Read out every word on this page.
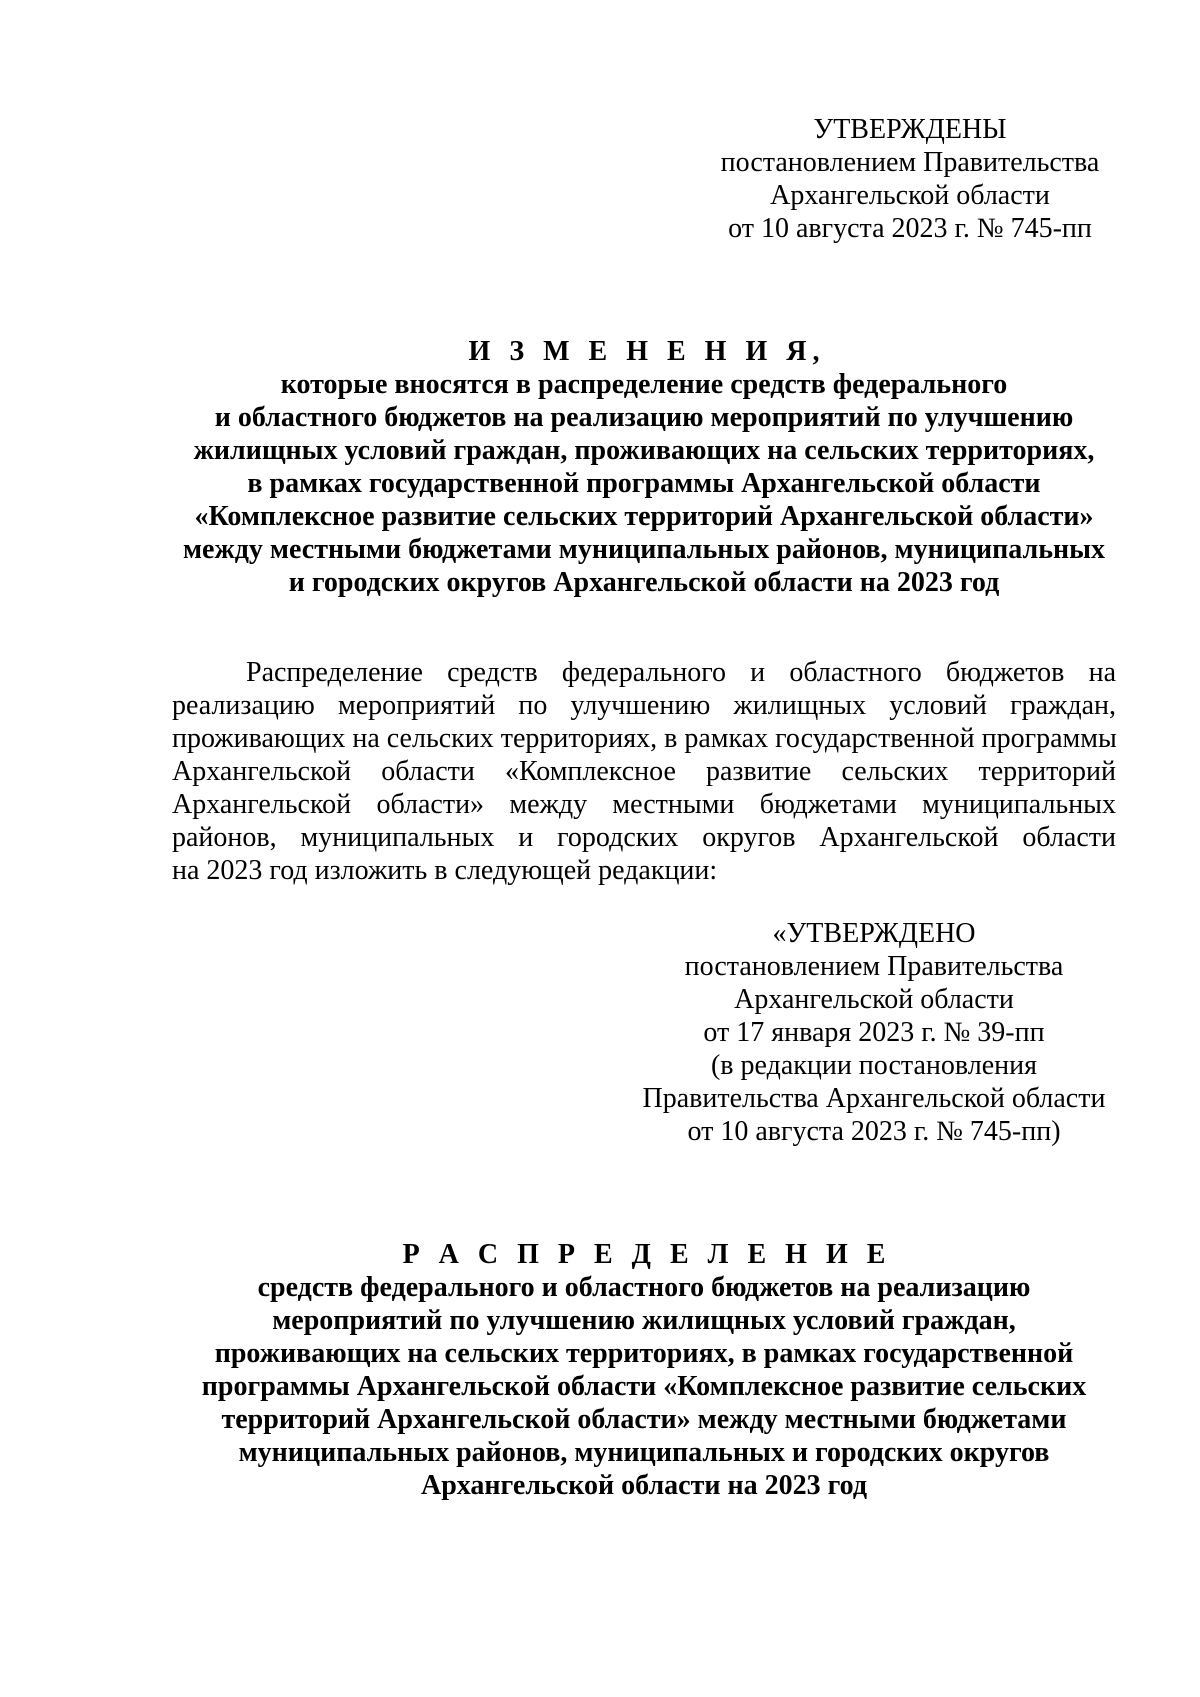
УТВЕРЖДЕНЫ
постановлением Правительства
Архангельской области
от 10 августа 2023 г. № 745-пп
И З М Е Н Е Н И Я,
которые вносятся в распределение средств федерального
и областного бюджетов на реализацию мероприятий по улучшению
жилищных условий граждан, проживающих на сельских территориях,
в рамках государственной программы Архангельской области
«Комплексное развитие сельских территорий Архангельской области»
между местными бюджетами муниципальных районов, муниципальных
и городских округов Архангельской области на 2023 год
Распределение средств федерального и областного бюджетов на
реализацию мероприятий по улучшению жилищных условий граждан,
проживающих на сельских территориях, в рамках государственной программы
Архангельской области «Комплексное развитие сельских территорий
Архангельской области» между местными бюджетами муниципальных
районов, муниципальных и городских округов Архангельской области
на 2023 год изложить в следующей редакции:
«УТВЕРЖДЕНО
постановлением Правительства
Архангельской области
от 17 января 2023 г. № 39-пп
(в редакции постановления
Правительства Архангельской области
от 10 августа 2023 г. № 745-пп)
Р А С П Р Е Д Е Л Е Н И Е
средств федерального и областного бюджетов на реализацию
мероприятий по улучшению жилищных условий граждан,
проживающих на сельских территориях, в рамках государственной
программы Архангельской области «Комплексное развитие сельских
территорий Архангельской области» между местными бюджетами
муниципальных районов, муниципальных и городских округов
Архангельской области на 2023 год
